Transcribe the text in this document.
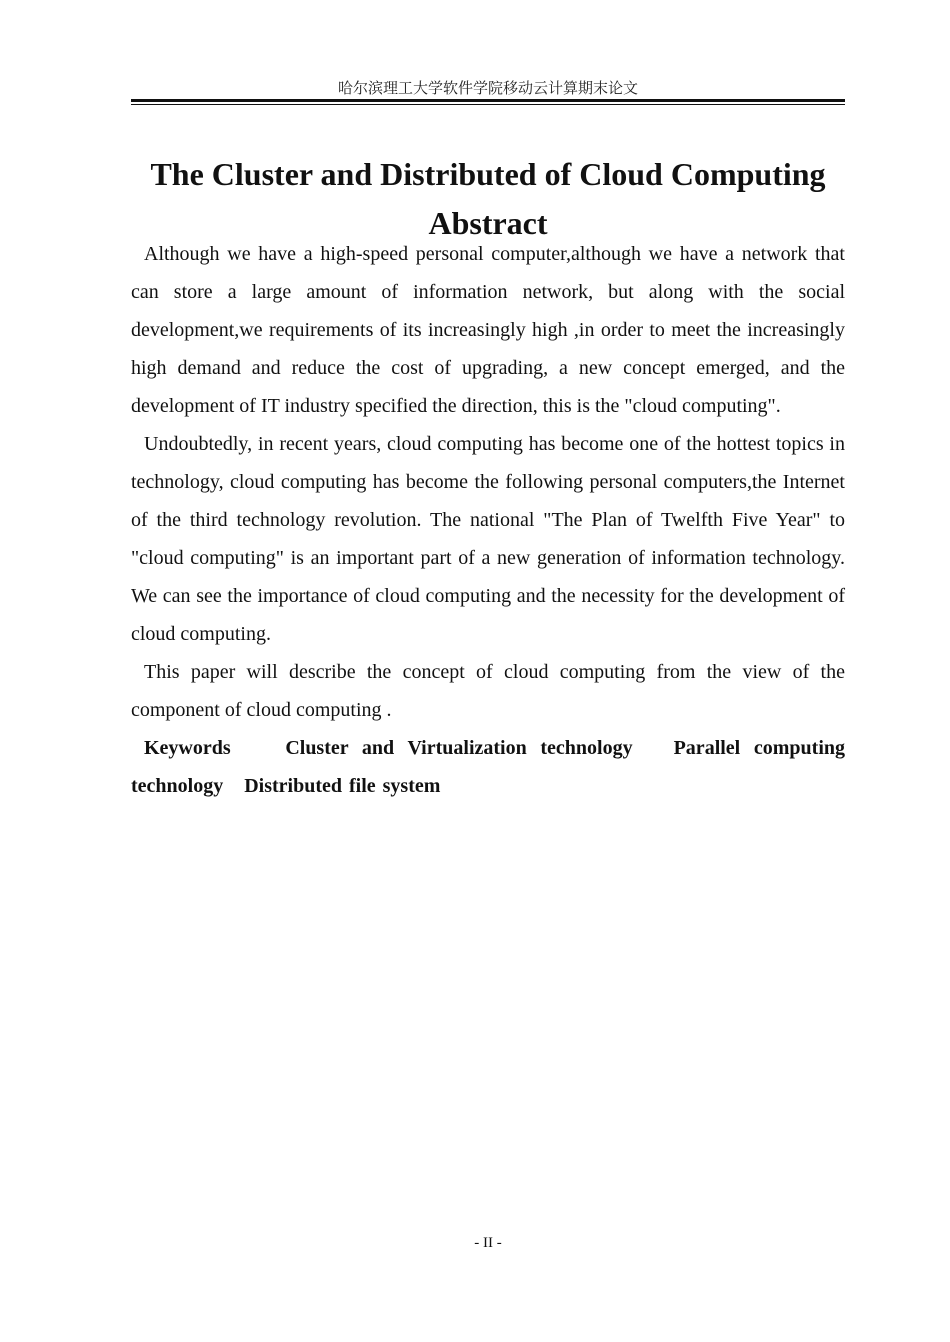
哈尔滨理工大学软件学院移动云计算期末论文
The Cluster and Distributed of Cloud Computing
Abstract

Although we have a high-speed personal computer,although we have a network that can store a large amount of information network, but along with the social development,we requirements of its increasingly high ,in order to meet the increasingly high demand and reduce the cost of upgrading, a new concept emerged, and the development of IT industry specified the direction, this is the "cloud computing".

Undoubtedly, in recent years, cloud computing has become one of the hottest topics in technology, cloud computing has become the following personal computers,the Internet of the third technology revolution. The national "The Plan of Twelfth Five Year" to "cloud computing" is an important part of a new generation of information technology. We can see the importance of cloud computing and the necessity for the development of cloud computing.

This paper will describe the concept of cloud computing from the view of the component of cloud computing .

Keywords	Cluster and Virtualization technology Parallel computing technology Distributed file system

- II -
